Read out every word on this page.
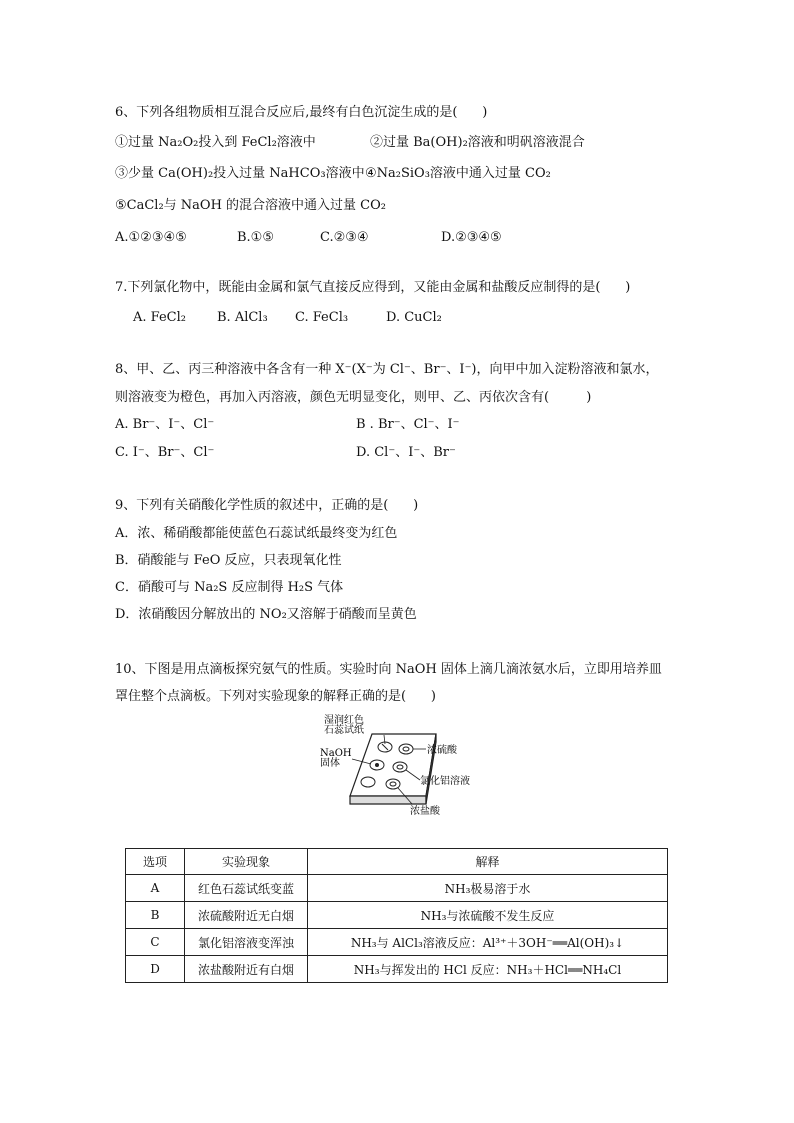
6、下列各组物质相互混合反应后,最终有白色沉淀生成的是(      )
①过量 Na₂O₂投入到 FeCl₂溶液中	②过量 Ba(OH)₂溶液和明矾溶液混合
③少量 Ca(OH)₂投入过量 NaHCO₃溶液中 ④Na₂SiO₃溶液中通入过量 CO₂
⑤CaCl₂与 NaOH 的混合溶液中通入过量 CO₂
A.①②③④⑤	B.①⑤	C.②③④	D.②③④⑤
7.下列氯化物中，既能由金属和氯气直接反应得到，又能由金属和盐酸反应制得的是(      )
A. FeCl₂ B. AlCl₃ C. FeCl₃	D. CuCl₂
8、甲、乙、丙三种溶液中各含有一种 X⁻(X⁻为 Cl⁻、Br⁻、I⁻)，向甲中加入淀粉溶液和氯水，
则溶液变为橙色，再加入丙溶液，颜色无明显变化，则甲、乙、丙依次含有(         )
A. Br⁻、I⁻、Cl⁻	B . Br⁻、Cl⁻、I⁻
C. I⁻、Br⁻、Cl⁻	D. Cl⁻、I⁻、Br⁻
9、下列有关硝酸化学性质的叙述中，正确的是(      )
A．浓、稀硝酸都能使蓝色石蕊试纸最终变为红色
B．硝酸能与 FeO 反应，只表现氧化性
C．硝酸可与 Na₂S 反应制得 H₂S 气体
D．浓硝酸因分解放出的 NO₂又溶解于硝酸而呈黄色
10、下图是用点滴板探究氨气的性质。实验时向 NaOH 固体上滴几滴浓氨水后，立即用培养皿
罩住整个点滴板。下列对实验现象的解释正确的是(      )
湿润红色
石蕊试纸
NaOH
固体
浓硫酸
氯化铝溶液
浓盐酸
选项	实验现象	解释
A	红色石蕊试纸变蓝	NH₃极易溶于水
B	浓硫酸附近无白烟	NH₃与浓硫酸不发生反应
C	氯化铝溶液变浑浊	NH₃与 AlCl₃溶液反应：Al³⁺＋3OH⁻══Al(OH)₃↓
D	浓盐酸附近有白烟	NH₃与挥发出的 HCl 反应：NH₃＋HCl══NH₄Cl
